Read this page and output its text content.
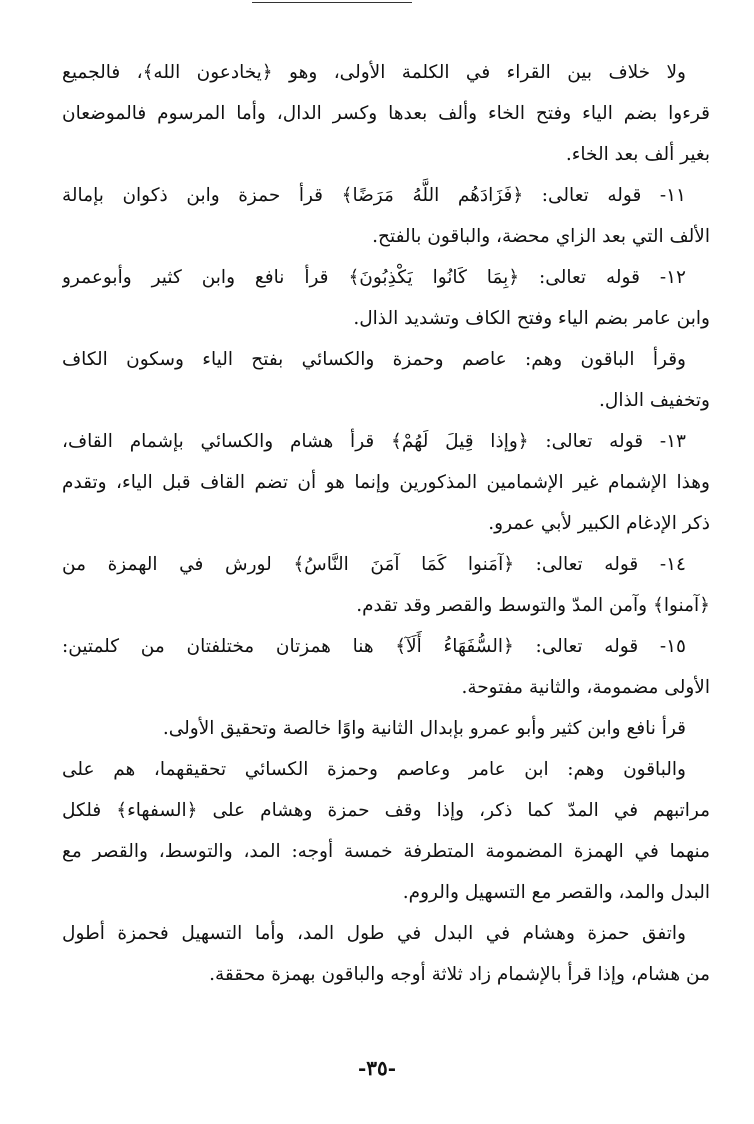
ولا خلاف بين القراء في الكلمة الأولى، وهو ﴿يخادعون الله﴾، فالجميع
قرءوا بضم الياء وفتح الخاء وألف بعدها وكسر الدال، وأما المرسوم فالموضعان
بغير ألف بعد الخاء.
١١- قوله تعالى: ﴿فَزَادَهُم اللَّهُ مَرَضًا﴾ قرأ حمزة وابن ذكوان بإمالة
الألف التي بعد الزاي محضة، والباقون بالفتح.
١٢- قوله تعالى: ﴿بِمَا كَانُوا يَكْذِبُونَ﴾ قرأ نافع وابن كثير وأبوعمرو
وابن عامر بضم الياء وفتح الكاف وتشديد الذال.
وقرأ الباقون وهم: عاصم وحمزة والكسائي بفتح الياء وسكون الكاف
وتخفيف الذال.
١٣- قوله تعالى: ﴿وإذا قِيلَ لَهُمْ﴾ قرأ هشام والكسائي بإشمام القاف،
وهذا الإشمام غير الإشمامين المذكورين وإنما هو أن تضم القاف قبل الياء، وتقدم
ذكر الإدغام الكبير لأبي عمرو.
١٤- قوله تعالى: ﴿آمَنوا كَمَا آمَنَ النَّاسُ﴾ لورش في الهمزة من
﴿آمنوا﴾ وآمن المدّ والتوسط والقصر وقد تقدم.
١٥- قوله تعالى: ﴿السُّفَهَاءُ أَلَآ﴾ هنا همزتان مختلفتان من كلمتين:
الأولى مضمومة، والثانية مفتوحة.
قرأ نافع وابن كثير وأبو عمرو بإبدال الثانية واوًا خالصة وتحقيق الأولى.
والباقون وهم: ابن عامر وعاصم وحمزة الكسائي تحقيقهما، هم على
مراتبهم في المدّ كما ذكر، وإذا وقف حمزة وهشام على ﴿السفهاء﴾ فلكل
منهما في الهمزة المضمومة المتطرفة خمسة أوجه: المد، والتوسط، والقصر مع
البدل والمد، والقصر مع التسهيل والروم.
واتفق حمزة وهشام في البدل في طول المد، وأما التسهيل فحمزة أطول
من هشام، وإذا قرأ بالإشمام زاد ثلاثة أوجه والباقون بهمزة محققة.
-٣٥-
